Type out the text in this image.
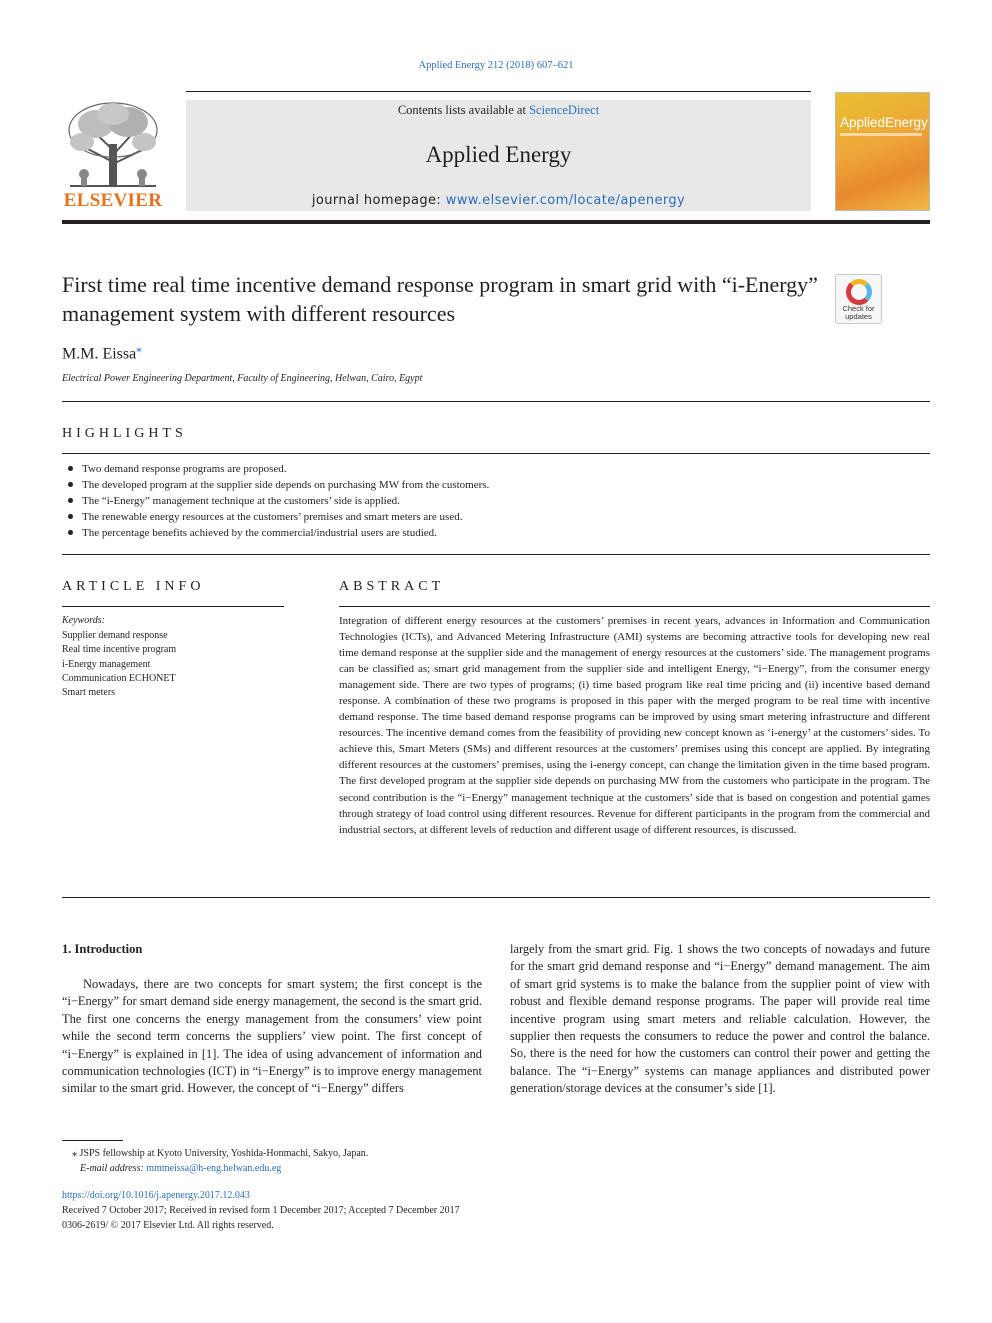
Applied Energy 212 (2018) 607–621
ELSEVIER
Contents lists available at ScienceDirect
Applied Energy
journal homepage: www.elsevier.com/locate/apenergy
AppliedEnergy
First time real time incentive demand response program in smart grid with “i-Energy” management system with different resources	Check for updates
M.M. Eissa⁎
Electrical Power Engineering Department, Faculty of Engineering, Helwan, Cairo, Egypt
HIGHLIGHTS
Two demand response programs are proposed.
The developed program at the supplier side depends on purchasing MW from the customers.
The “i-Energy” management technique at the customers’ side is applied.
The renewable energy resources at the customers’ premises and smart meters are used.
The percentage benefits achieved by the commercial/industrial users are studied.
ARTICLE INFO
Keywords:
Supplier demand response
Real time incentive program
i-Energy management
Communication ECHONET
Smart meters
ABSTRACT

Integration of different energy resources at the customers’ premises in recent years, advances in Information and Communication Technologies (ICTs), and Advanced Metering Infrastructure (AMI) systems are becoming attractive tools for developing new real time demand response at the supplier side and the management of energy resources at the customers’ side. The management programs can be classified as; smart grid management from the supplier side and intelligent Energy, “i−Energy”, from the consumer energy management side. There are two types of programs; (i) time based program like real time pricing and (ii) incentive based demand response. A combination of these two programs is proposed in this paper with the merged program to be real time with incentive demand response. The time based demand response programs can be improved by using smart metering infrastructure and different resources. The incentive demand comes from the feasibility of providing new concept known as ‘i-energy’ at the customers’ sides. To achieve this, Smart Meters (SMs) and different resources at the customers’ premises using this concept are applied. By integrating different resources at the customers’ premises, using the i-energy concept, can change the limitation given in the time based program. The first developed program at the supplier side depends on purchasing MW from the customers who participate in the program. The second contribution is the “i−Energy” management technique at the customers’ side that is based on congestion and potential games through strategy of load control using different resources. Revenue for different participants in the program from the commercial and industrial sectors, at different levels of reduction and different usage of different resources, is discussed.

1. Introduction

Nowadays, there are two concepts for smart system; the first concept is the “i−Energy” for smart demand side energy management, the second is the smart grid. The first one concerns the energy management from the consumers’ view point while the second term concerns the suppliers’ view point. The first concept of “i−Energy” is explained in [1]. The idea of using advancement of information and communication technologies (ICT) in “i−Energy” is to improve energy management similar to the smart grid. However, the concept of “i−Energy” differs

largely from the smart grid. Fig. 1 shows the two concepts of nowadays and future for the smart grid demand response and “i−Energy” demand management. The aim of smart grid systems is to make the balance from the supplier point of view with robust and flexible demand response programs. The paper will provide real time incentive program using smart meters and reliable calculation. However, the supplier then requests the consumers to reduce the power and control the balance. So, there is the need for how the customers can control their power and getting the balance. The “i−Energy” systems can manage appliances and distributed power generation/storage devices at the consumer’s side [1].

⁎ JSPS fellowship at Kyoto University, Yoshida-Honmachi, Sakyo, Japan.
E-mail address: mmmeissa@h-eng.helwan.edu.eg
https://doi.org/10.1016/j.apenergy.2017.12.043
Received 7 October 2017; Received in revised form 1 December 2017; Accepted 7 December 2017
0306-2619/ © 2017 Elsevier Ltd. All rights reserved.
